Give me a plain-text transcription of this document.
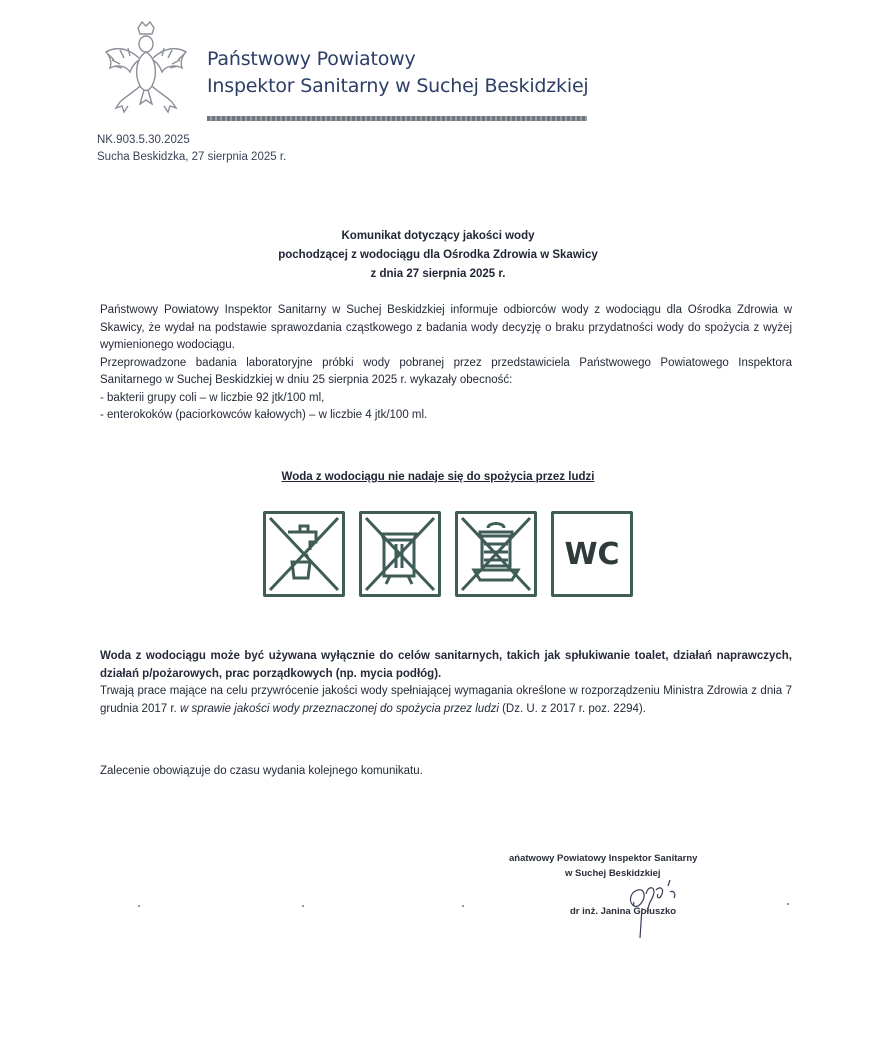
Państwowy Powiatowy
Inspektor Sanitarny w Suchej Beskidzkiej
NK.903.5.30.2025
Sucha Beskidzka, 27 sierpnia 2025 r.
Komunikat dotyczący jakości wody
pochodzącej z wodociągu dla Ośrodka Zdrowia w Skawicy
z dnia 27 sierpnia 2025 r.

Państwowy Powiatowy Inspektor Sanitarny w Suchej Beskidzkiej informuje odbiorców wody z wodociągu dla Ośrodka Zdrowia w Skawicy, że wydał na podstawie sprawozdania cząstkowego z badania wody decyzję o braku przydatności wody do spożycia z wyżej wymienionego wodociągu.

Przeprowadzone badania laboratoryjne próbki wody pobranej przez przedstawiciela Państwowego Powiatowego Inspektora Sanitarnego w Suchej Beskidzkiej w dniu 25 sierpnia 2025 r. wykazały obecność:

- bakterii grupy coli – w liczbie 92 jtk/100 ml,

- enterokoków (paciorkowców kałowych) – w liczbie 4 jtk/100 ml.

Woda z wodociągu nie nadaje się do spożycia przez ludzi
WC

Woda z wodociągu może być używana wyłącznie do celów sanitarnych, takich jak spłukiwanie toalet, działań naprawczych, działań p/pożarowych, prac porządkowych (np. mycia podłóg).

Trwają prace mające na celu przywrócenie jakości wody spełniającej wymagania określone w rozporządzeniu Ministra Zdrowia z dnia 7 grudnia 2017 r. w sprawie jakości wody przeznaczonej do spożycia przez ludzi (Dz. U. z 2017 r. poz. 2294).

Zalecenie obowiązuje do czasu wydania kolejnego komunikatu.
ańatwowy Powiatowy Inspektor Sanitarny
w Suchej Beskidzkiej
dr inż. Janina Gołuszko
